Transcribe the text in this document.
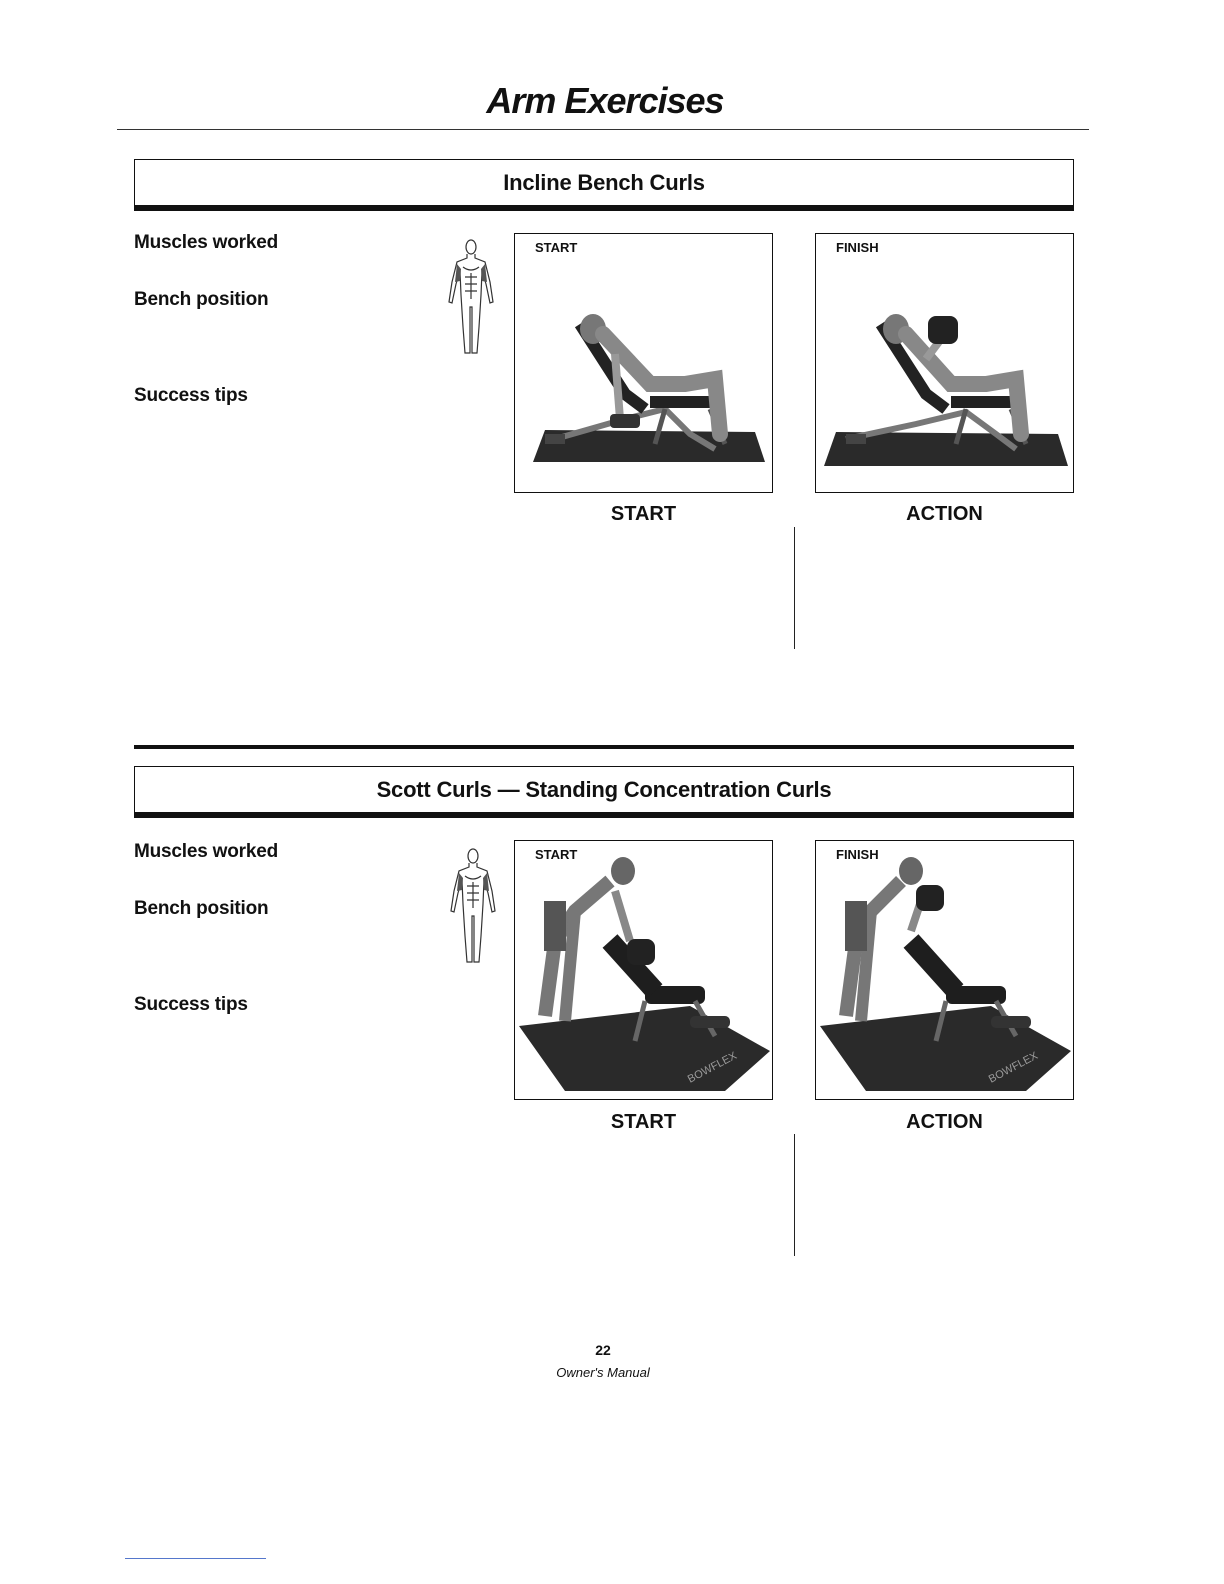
Arm Exercises
Incline Bench Curls
Muscles worked
Bench position
Success tips
START	FINISH
START	ACTION
Scott Curls — Standing Concentration Curls
Muscles worked
Bench position
Success tips
START
BOWFLEX
FINISH
BOWFLEX
START	ACTION
22
Owner's Manual
